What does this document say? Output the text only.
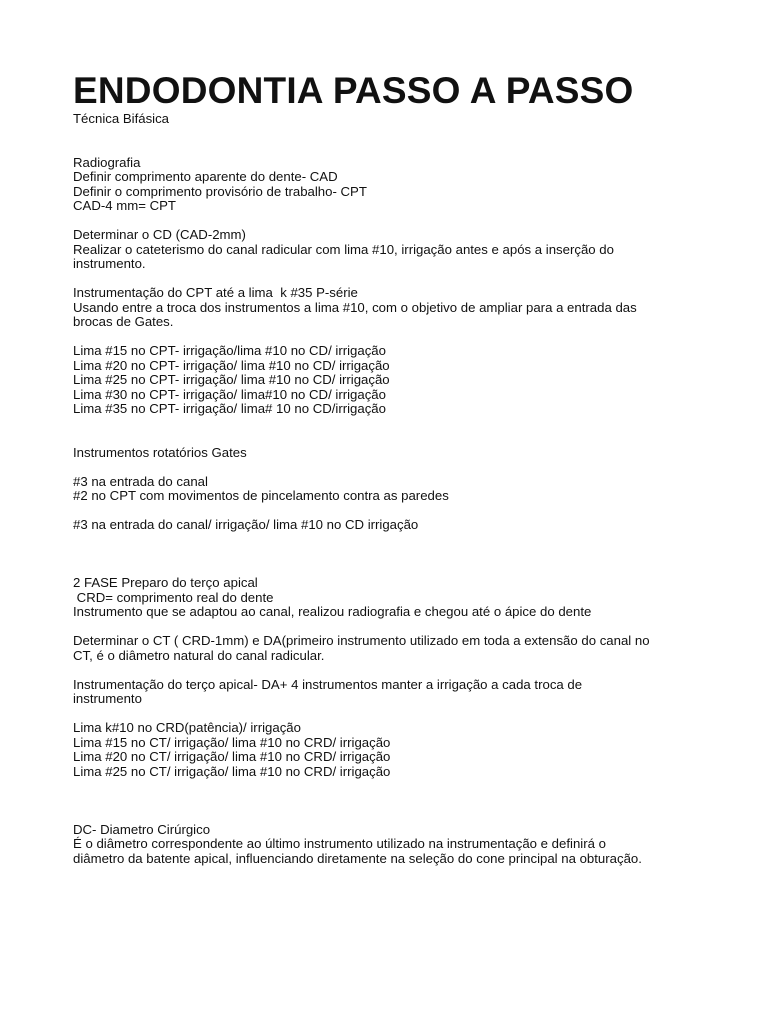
ENDODONTIA PASSO A PASSO

Técnica Bifásica

Radiografia
Definir comprimento aparente do dente- CAD
Definir o comprimento provisório de trabalho- CPT
CAD-4 mm= CPT
Determinar o CD (CAD-2mm)
Realizar o cateterismo do canal radicular com lima #10, irrigação antes e após a inserção do
instrumento.
Instrumentação do CPT até a lima  k #35 P-série
Usando entre a troca dos instrumentos a lima #10, com o objetivo de ampliar para a entrada das
brocas de Gates.
Lima #15 no CPT- irrigação/lima #10 no CD/ irrigação
Lima #20 no CPT- irrigação/ lima #10 no CD/ irrigação
Lima #25 no CPT- irrigação/ lima #10 no CD/ irrigação
Lima #30 no CPT- irrigação/ lima#10 no CD/ irrigação
Lima #35 no CPT- irrigação/ lima# 10 no CD/irrigação
Instrumentos rotatórios Gates
#3 na entrada do canal
#2 no CPT com movimentos de pincelamento contra as paredes
#3 na entrada do canal/ irrigação/ lima #10 no CD irrigação
2 FASE Preparo do terço apical
CRD= comprimento real do dente
Instrumento que se adaptou ao canal, realizou radiografia e chegou até o ápice do dente
Determinar o CT ( CRD-1mm) e DA(primeiro instrumento utilizado em toda a extensão do canal no
CT, é o diâmetro natural do canal radicular.
Instrumentação do terço apical- DA+ 4 instrumentos manter a irrigação a cada troca de
instrumento
Lima k#10 no CRD(patência)/ irrigação
Lima #15 no CT/ irrigação/ lima #10 no CRD/ irrigação
Lima #20 no CT/ irrigação/ lima #10 no CRD/ irrigação
Lima #25 no CT/ irrigação/ lima #10 no CRD/ irrigação
DC- Diametro Cirúrgico
É o diâmetro correspondente ao último instrumento utilizado na instrumentação e definirá o
diâmetro da batente apical, influenciando diretamente na seleção do cone principal na obturação.
